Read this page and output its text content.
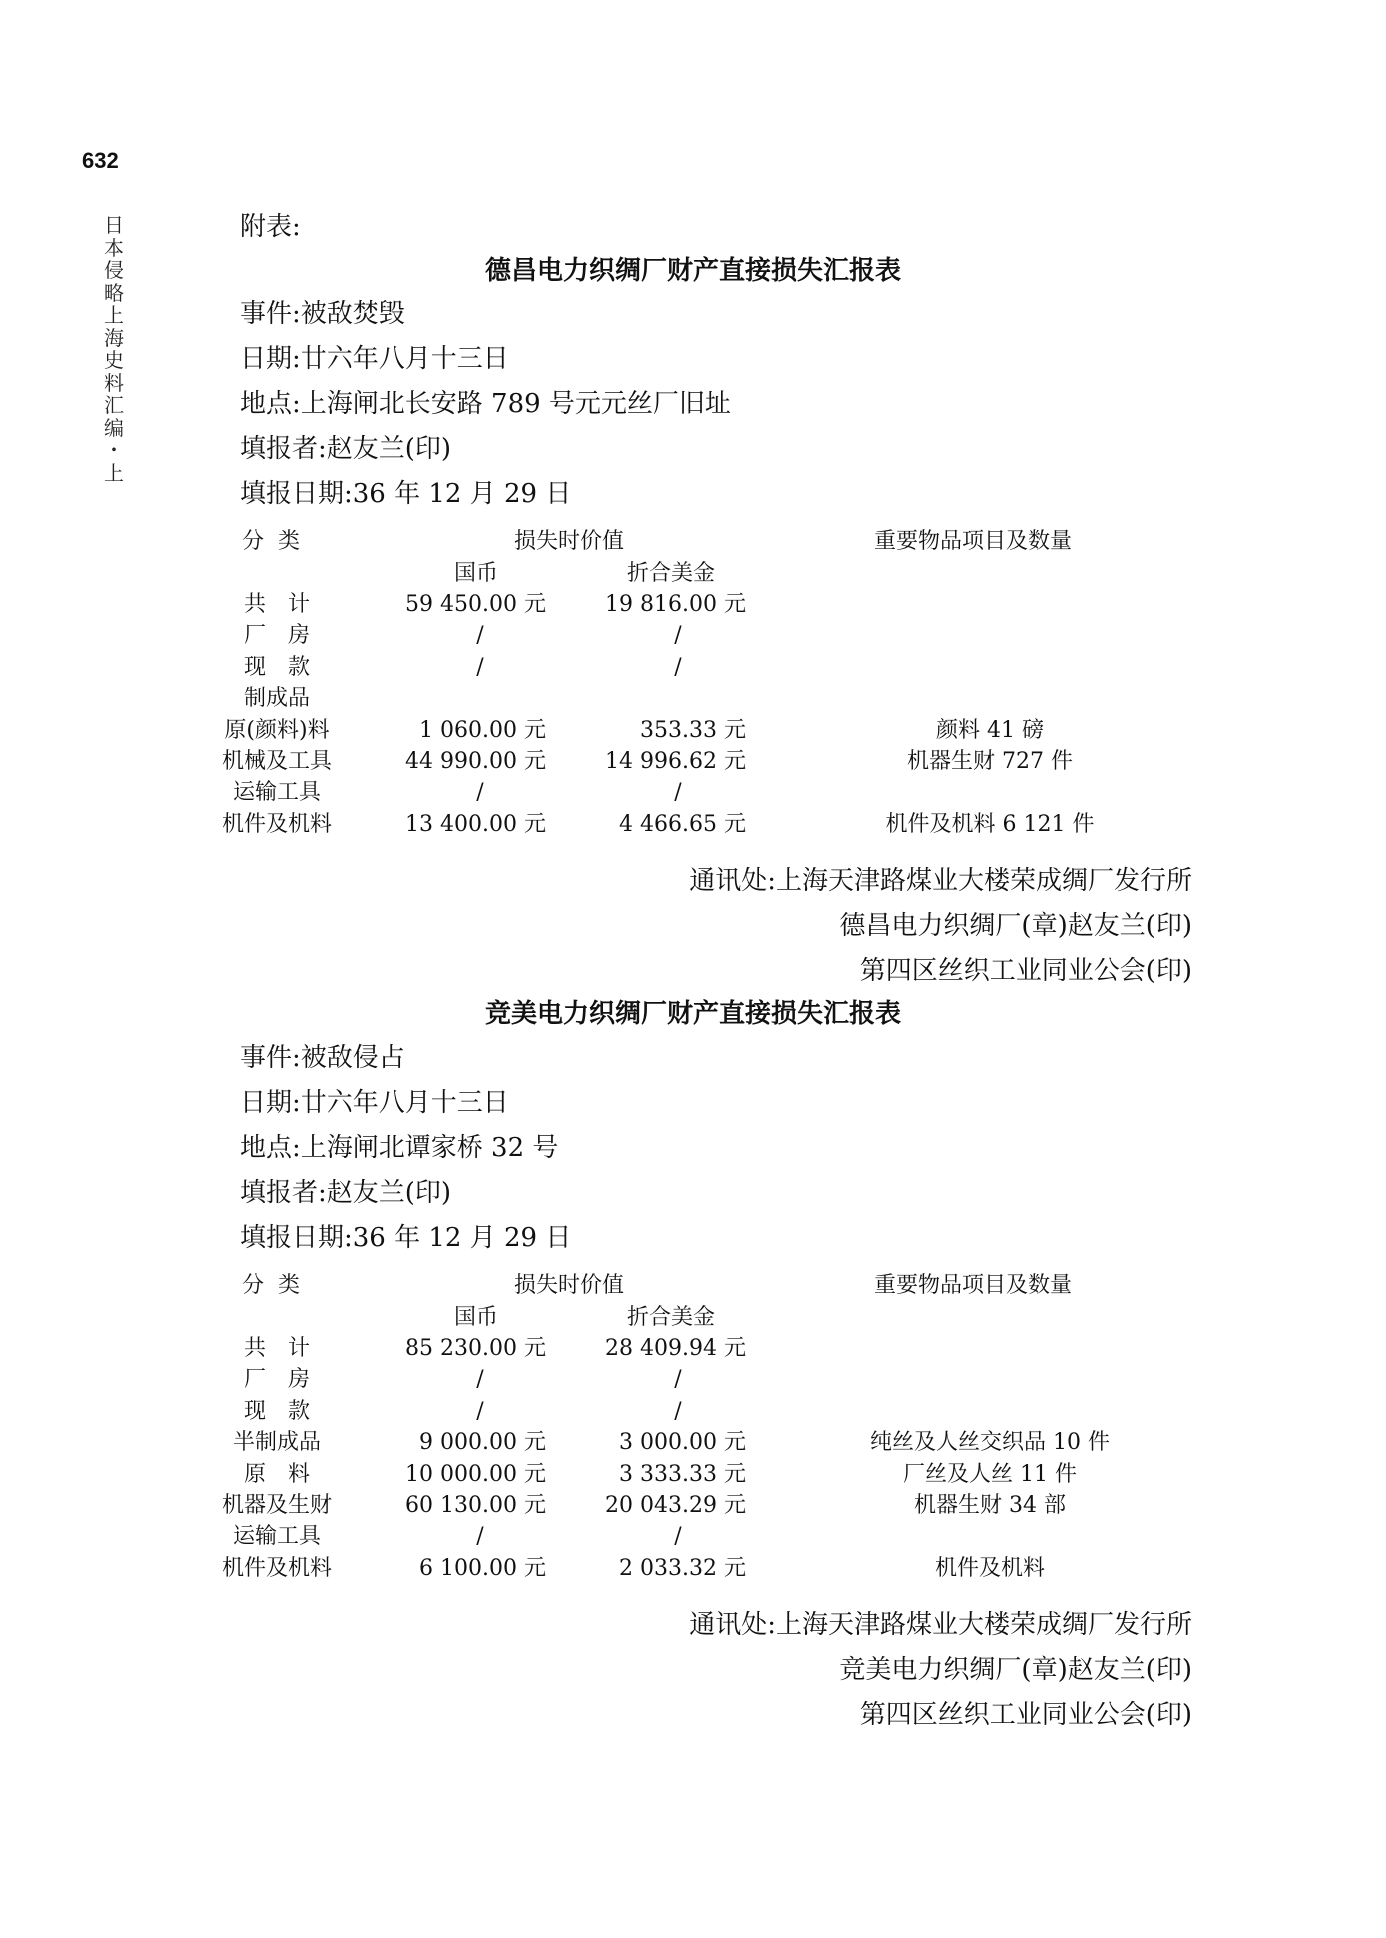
632
日
本
侵
略
上
海
史
料
汇
编
・
上
附表:
德昌电力织绸厂财产直接损失汇报表
事件:被敌焚毁
日期:廿六年八月十三日
地点:上海闸北长安路 789 号元元丝厂旧址
填报者:赵友兰(印)
填报日期:36 年 12 月 29 日
分类	损失时价值	重要物品项目及数量
国币	折合美金
共　计	59 450.00 元	19 816.00 元
厂　房	/	/
现　款	/	/
制成品
原(颜料)料	1 060.00 元	353.33 元	颜料 41 磅
机械及工具	44 990.00 元	14 996.62 元	机器生财 727 件
运输工具	/	/
机件及机料	13 400.00 元	4 466.65 元	机件及机料 6 121 件
通讯处:上海天津路煤业大楼荣成绸厂发行所
德昌电力织绸厂(章)赵友兰(印)
第四区丝织工业同业公会(印)
竞美电力织绸厂财产直接损失汇报表
事件:被敌侵占
日期:廿六年八月十三日
地点:上海闸北谭家桥 32 号
填报者:赵友兰(印)
填报日期:36 年 12 月 29 日
分类	损失时价值	重要物品项目及数量
国币	折合美金
共　计	85 230.00 元	28 409.94 元
厂　房	/	/
现　款	/	/
半制成品	9 000.00 元	3 000.00 元	纯丝及人丝交织品 10 件
原　料	10 000.00 元	3 333.33 元	厂丝及人丝 11 件
机器及生财	60 130.00 元	20 043.29 元	机器生财 34 部
运输工具	/	/
机件及机料	6 100.00 元	2 033.32 元	机件及机料
通讯处:上海天津路煤业大楼荣成绸厂发行所
竞美电力织绸厂(章)赵友兰(印)
第四区丝织工业同业公会(印)
